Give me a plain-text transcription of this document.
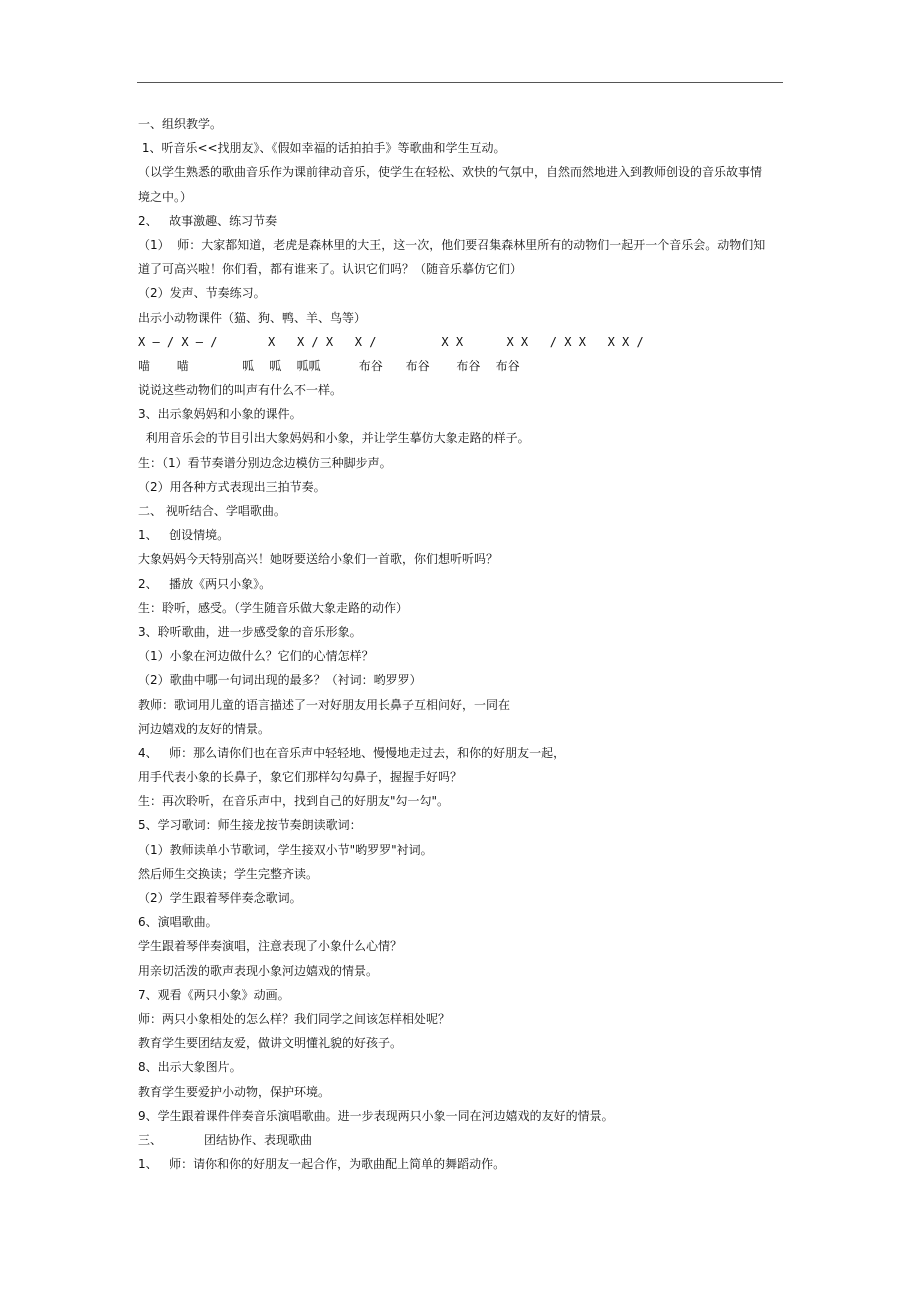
一、组织教学。
1、听音乐<<找朋友》、《假如幸福的话拍拍手》等歌曲和学生互动。
（以学生熟悉的歌曲音乐作为课前律动音乐，使学生在轻松、欢快的气氛中，自然而然地进入到教师创设的音乐故事情
境之中。）
2、   故事激趣、练习节奏
（1）  师：大家都知道，老虎是森林里的大王，这一次，他们要召集森林里所有的动物们一起开一个音乐会。动物们知
道了可高兴啦！你们看，都有谁来了。认识它们吗？（随音乐摹仿它们）
（2）发声、节奏练习。
出示小动物课件（猫、狗、鸭、羊、鸟等）
X — / X — /       X   X / X   X /         X X      X X   / X X   X X /
喵       喵              呱    呱    呱呱          布谷      布谷       布谷    布谷
说说这些动物们的叫声有什么不一样。
3、出示象妈妈和小象的课件。
利用音乐会的节目引出大象妈妈和小象，并让学生摹仿大象走路的样子。
生：（1）看节奏谱分别边念边模仿三种脚步声。
（2）用各种方式表现出三拍节奏。
二、 视听结合、学唱歌曲。
1、   创设情境。
大象妈妈今天特别高兴！她呀要送给小象们一首歌，你们想听听吗？
2、   播放《两只小象》。
生：聆听，感受。（学生随音乐做大象走路的动作）
3、聆听歌曲，进一步感受象的音乐形象。
（1）小象在河边做什么？它们的心情怎样？
（2）歌曲中哪一句词出现的最多？（衬词：哟罗罗）
教师：歌词用儿童的语言描述了一对好朋友用长鼻子互相问好，一同在
河边嬉戏的友好的情景。
4、   师：那么请你们也在音乐声中轻轻地、慢慢地走过去，和你的好朋友一起，
用手代表小象的长鼻子，象它们那样勾勾鼻子，握握手好吗？
生：再次聆听，在音乐声中，找到自己的好朋友"勾一勾"。
5、学习歌词：师生接龙按节奏朗读歌词：
（1）教师读单小节歌词，学生接双小节"哟罗罗"衬词。
然后师生交换读；学生完整齐读。
（2）学生跟着琴伴奏念歌词。
6、演唱歌曲。
学生跟着琴伴奏演唱，注意表现了小象什么心情？
用亲切活泼的歌声表现小象河边嬉戏的情景。
7、观看《两只小象》动画。
师：两只小象相处的怎么样？我们同学之间该怎样相处呢？
教育学生要团结友爱，做讲文明懂礼貌的好孩子。
8、出示大象图片。
教育学生要爱护小动物，保护环境。
9、学生跟着课件伴奏音乐演唱歌曲。进一步表现两只小象一同在河边嬉戏的友好的情景。
三、           团结协作、表现歌曲
1、   师：请你和你的好朋友一起合作，为歌曲配上简单的舞蹈动作。
